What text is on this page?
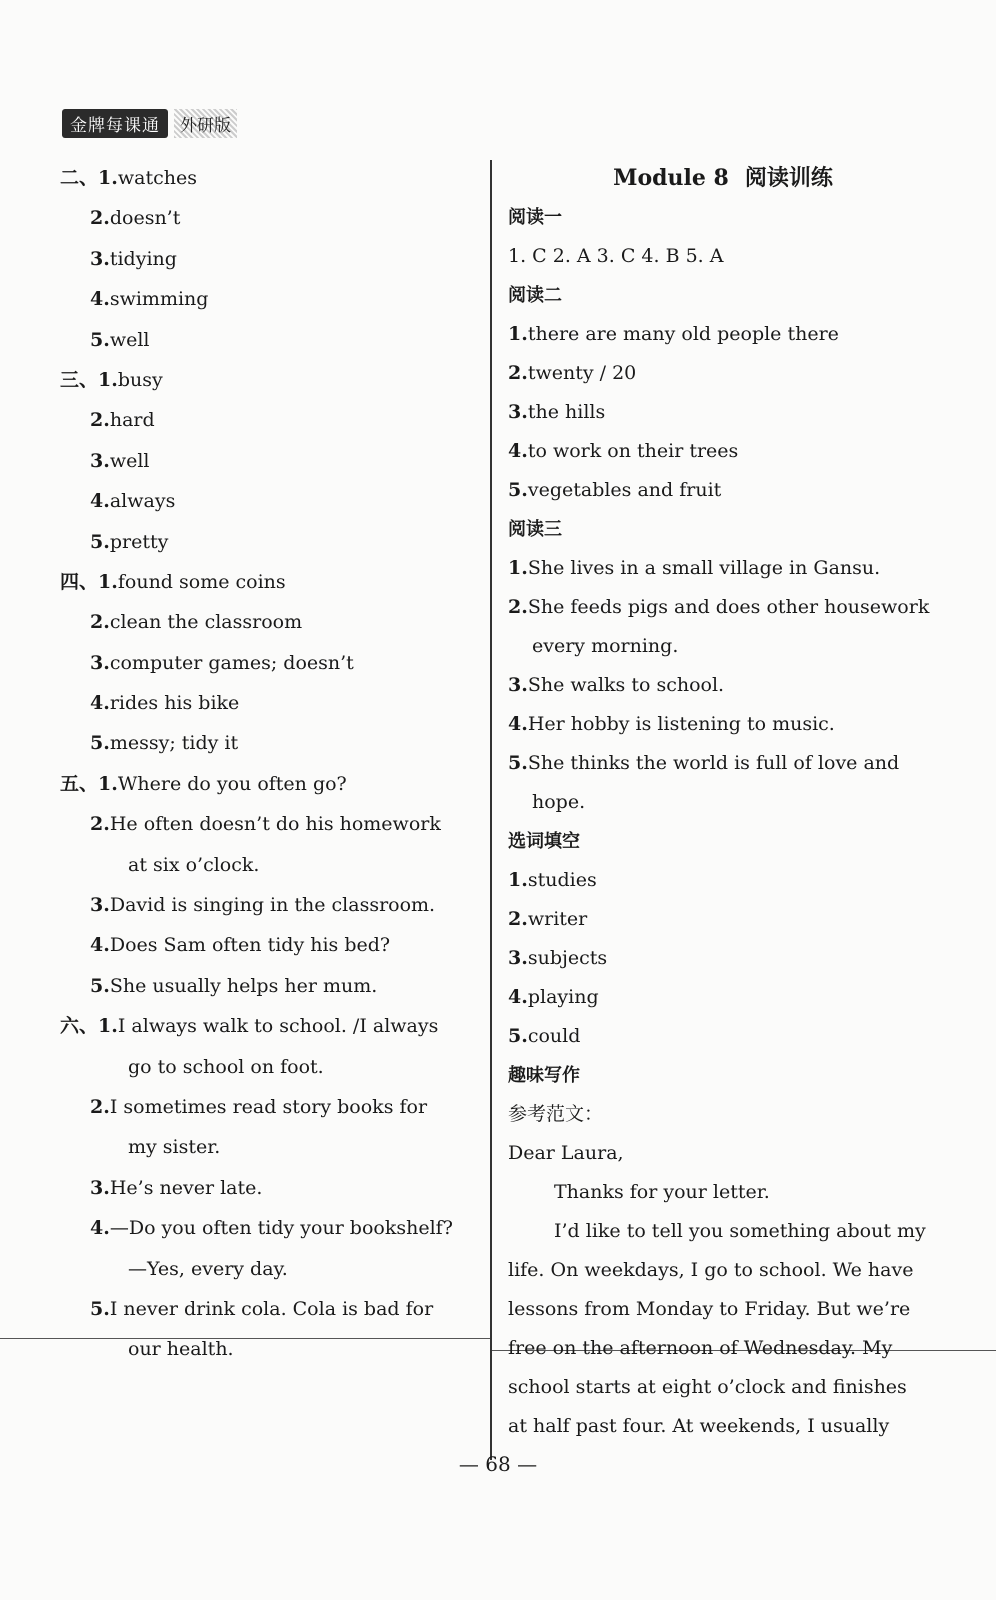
金牌每课通	外研版
二、1.watches
2.doesn’t
3.tidying
4.swimming
5.well
三、1.busy
2.hard
3.well
4.always
5.pretty
四、1.found some coins
2.clean the classroom
3.computer games; doesn’t
4.rides his bike
5.messy; tidy it
五、1.Where do you often go?
2.He often doesn’t do his homework
at six o’clock.
3.David is singing in the classroom.
4.Does Sam often tidy his bed?
5.She usually helps her mum.
六、1.I always walk to school. /I always
go to school on foot.
2.I sometimes read story books for
my sister.
3.He’s never late.
4.—Do you often tidy your bookshelf?
—Yes, every day.
5.I never drink cola. Cola is bad for
our health.
Module 8 阅读训练
阅读一
1. C 2. A 3. C 4. B 5. A
阅读二
1.there are many old people there
2.twenty / 20
3.the hills
4.to work on their trees
5.vegetables and fruit
阅读三
1.She lives in a small village in Gansu.
2.She feeds pigs and does other housework
every morning.
3.She walks to school.
4.Her hobby is listening to music.
5.She thinks the world is full of love and
hope.
选词填空
1.studies
2.writer
3.subjects
4.playing
5.could
趣味写作
参考范文：
Dear Laura,
Thanks for your letter.
I’d like to tell you something about my
life. On weekdays, I go to school. We have
lessons from Monday to Friday. But we’re
free on the afternoon of Wednesday. My
school starts at eight o’clock and finishes
at half past four. At weekends, I usually
— 68 —
